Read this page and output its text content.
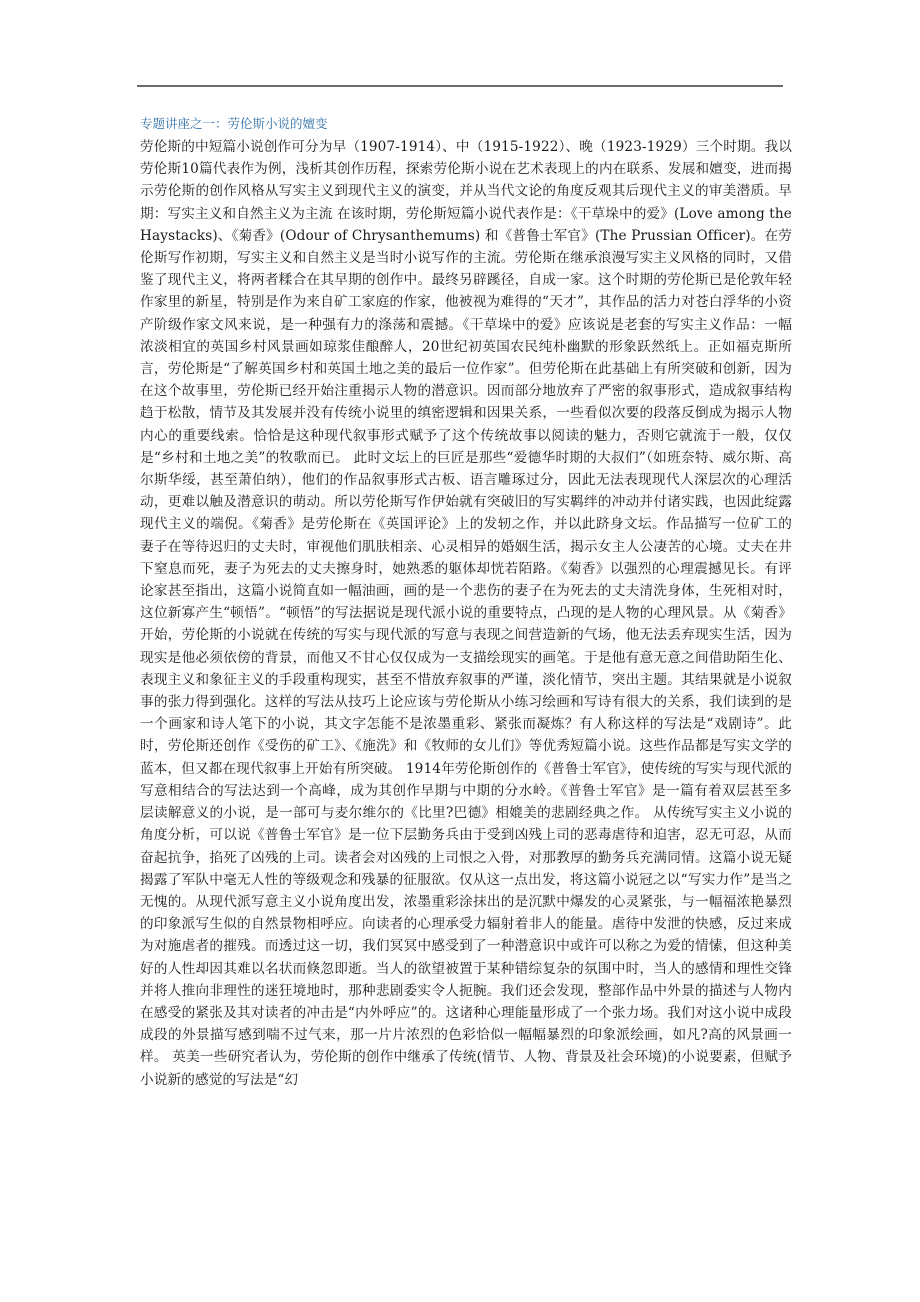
专题讲座之一：劳伦斯小说的嬗变

劳伦斯的中短篇小说创作可分为早（1907-1914）、中（1915-1922）、晚（1923-1929）三个时期。我以劳伦斯10篇代表作为例，浅析其创作历程，探索劳伦斯小说在艺术表现上的内在联系、发展和嬗变，进而揭示劳伦斯的创作风格从写实主义到现代主义的演变，并从当代文论的角度反观其后现代主义的审美潜质。早期：写实主义和自然主义为主流 在该时期，劳伦斯短篇小说代表作是：《干草垛中的爱》(Love among the Haystacks)、《菊香》(Odour of Chrysanthemums) 和《普鲁士军官》(The Prussian Officer)。在劳伦斯写作初期，写实主义和自然主义是当时小说写作的主流。劳伦斯在继承浪漫写实主义风格的同时，又借鉴了现代主义，将两者糅合在其早期的创作中。最终另辟蹊径，自成一家。这个时期的劳伦斯已是伦敦年轻作家里的新星，特别是作为来自矿工家庭的作家，他被视为难得的“天才”，其作品的活力对苍白浮华的小资产阶级作家文风来说，是一种强有力的涤荡和震撼。《干草垛中的爱》应该说是老套的写实主义作品：一幅浓淡相宜的英国乡村风景画如琼浆佳酿醉人，20世纪初英国农民纯朴幽默的形象跃然纸上。正如福克斯所言，劳伦斯是“了解英国乡村和英国土地之美的最后一位作家”。但劳伦斯在此基础上有所突破和创新，因为在这个故事里，劳伦斯已经开始注重揭示人物的潜意识。因而部分地放弃了严密的叙事形式，造成叙事结构趋于松散，情节及其发展并没有传统小说里的缜密逻辑和因果关系，一些看似次要的段落反倒成为揭示人物内心的重要线索。恰恰是这种现代叙事形式赋予了这个传统故事以阅读的魅力，否则它就流于一般，仅仅是“乡村和土地之美”的牧歌而已。 此时文坛上的巨匠是那些“爱德华时期的大叔们”（如班奈特、威尔斯、高尔斯华绥，甚至萧伯纳），他们的作品叙事形式古板、语言雕琢过分，因此无法表现现代人深层次的心理活动，更难以触及潜意识的萌动。所以劳伦斯写作伊始就有突破旧的写实羁绊的冲动并付诸实践，也因此绽露现代主义的端倪。《菊香》是劳伦斯在《英国评论》上的发轫之作，并以此跻身文坛。作品描写一位矿工的妻子在等待迟归的丈夫时，审视他们肌肤相亲、心灵相异的婚姻生活，揭示女主人公凄苦的心境。丈夫在井下窒息而死，妻子为死去的丈夫擦身时，她熟悉的躯体却恍若陌路。《菊香》以强烈的心理震撼见长。有评论家甚至指出，这篇小说简直如一幅油画，画的是一个悲伤的妻子在为死去的丈夫清洗身体，生死相对时，这位新寡产生“顿悟”。“顿悟”的写法据说是现代派小说的重要特点，凸现的是人物的心理风景。从《菊香》开始，劳伦斯的小说就在传统的写实与现代派的写意与表现之间营造新的气场，他无法丢弃现实生活，因为现实是他必须依傍的背景，而他又不甘心仅仅成为一支描绘现实的画笔。于是他有意无意之间借助陌生化、表现主义和象征主义的手段重构现实，甚至不惜放弃叙事的严谨，淡化情节，突出主题。其结果就是小说叙事的张力得到强化。这样的写法从技巧上论应该与劳伦斯从小练习绘画和写诗有很大的关系，我们读到的是一个画家和诗人笔下的小说，其文字怎能不是浓墨重彩、紧张而凝炼？有人称这样的写法是“戏剧诗”。此时，劳伦斯还创作《受伤的矿工》、《施洗》和《牧师的女儿们》等优秀短篇小说。这些作品都是写实文学的蓝本，但又都在现代叙事上开始有所突破。 1914年劳伦斯创作的《普鲁士军官》，使传统的写实与现代派的写意相结合的写法达到一个高峰，成为其创作早期与中期的分水岭。《普鲁士军官》是一篇有着双层甚至多层读解意义的小说，是一部可与麦尔维尔的《比里?巴德》相媲美的悲剧经典之作。 从传统写实主义小说的角度分析，可以说《普鲁士军官》是一位下层勤务兵由于受到凶残上司的恶毒虐待和迫害，忍无可忍，从而奋起抗争，掐死了凶残的上司。读者会对凶残的上司恨之入骨，对那教厚的勤务兵充满同情。这篇小说无疑揭露了军队中毫无人性的等级观念和残暴的征服欲。仅从这一点出发，将这篇小说冠之以“写实力作”是当之无愧的。从现代派写意主义小说角度出发，浓墨重彩涂抹出的是沉默中爆发的心灵紧张，与一幅福浓艳暴烈的印象派写生似的自然景物相呼应。向读者的心理承受力辐射着非人的能量。虐待中发泄的快感，反过来成为对施虐者的摧残。而透过这一切，我们冥冥中感受到了一种潜意识中或许可以称之为爱的情愫，但这种美好的人性却因其难以名状而倏忽即逝。当人的欲望被置于某种错综复杂的氛围中时，当人的感情和理性交锋并将人推向非理性的迷狂境地时，那种悲剧委实令人扼腕。我们还会发现，整部作品中外景的描述与人物内在感受的紧张及其对读者的冲击是“内外呼应”的。这诸种心理能量形成了一个张力场。我们对这小说中成段成段的外景描写感到喘不过气来，那一片片浓烈的色彩恰似一幅幅暴烈的印象派绘画，如凡?高的风景画一样。 英美一些研究者认为，劳伦斯的创作中继承了传统(情节、人物、背景及社会环境)的小说要素，但赋予小说新的感觉的写法是“幻
